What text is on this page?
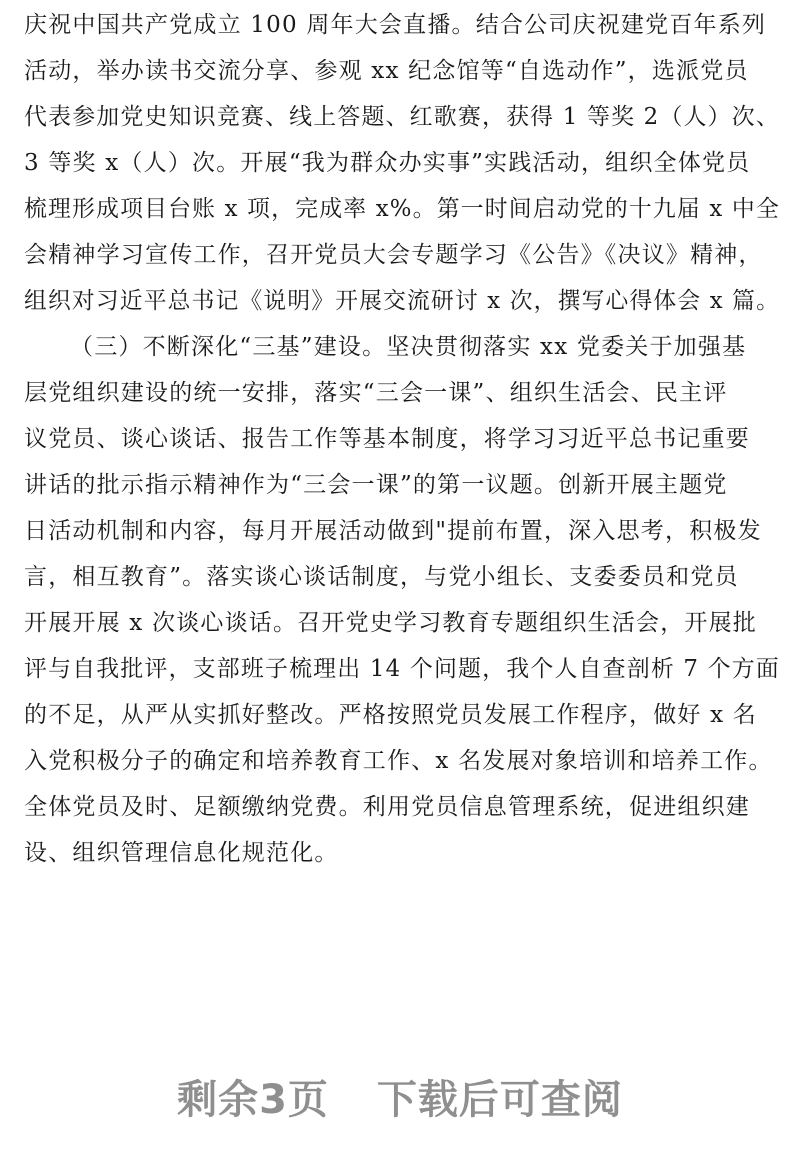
庆祝中国共产党成立 100 周年大会直播。结合公司庆祝建党百年系列
活动，举办读书交流分享、参观 xx 纪念馆等“自选动作”，选派党员
代表参加党史知识竞赛、线上答题、红歌赛，获得 1 等奖 2（人）次、
3 等奖 x（人）次。开展“我为群众办实事”实践活动，组织全体党员
梳理形成项目台账 x 项，完成率 x%。第一时间启动党的十九届 x 中全
会精神学习宣传工作，召开党员大会专题学习《公告》《决议》精神，
组织对习近平总书记《说明》开展交流研讨 x 次，撰写心得体会 x 篇。
（三）不断深化“三基”建设。坚决贯彻落实 xx 党委关于加强基
层党组织建设的统一安排，落实“三会一课”、组织生活会、民主评
议党员、谈心谈话、报告工作等基本制度，将学习习近平总书记重要
讲话的批示指示精神作为“三会一课”的第一议题。创新开展主题党
日活动机制和内容，每月开展活动做到"提前布置，深入思考，积极发
言，相互教育”。落实谈心谈话制度，与党小组长、支委委员和党员
开展开展 x 次谈心谈话。召开党史学习教育专题组织生活会，开展批
评与自我批评，支部班子梳理出 14 个问题，我个人自查剖析 7 个方面
的不足，从严从实抓好整改。严格按照党员发展工作程序，做好 x 名
入党积极分子的确定和培养教育工作、x 名发展对象培训和培养工作。
全体党员及时、足额缴纳党费。利用党员信息管理系统，促进组织建
设、组织管理信息化规范化。
剩余3页 下载后可查阅
